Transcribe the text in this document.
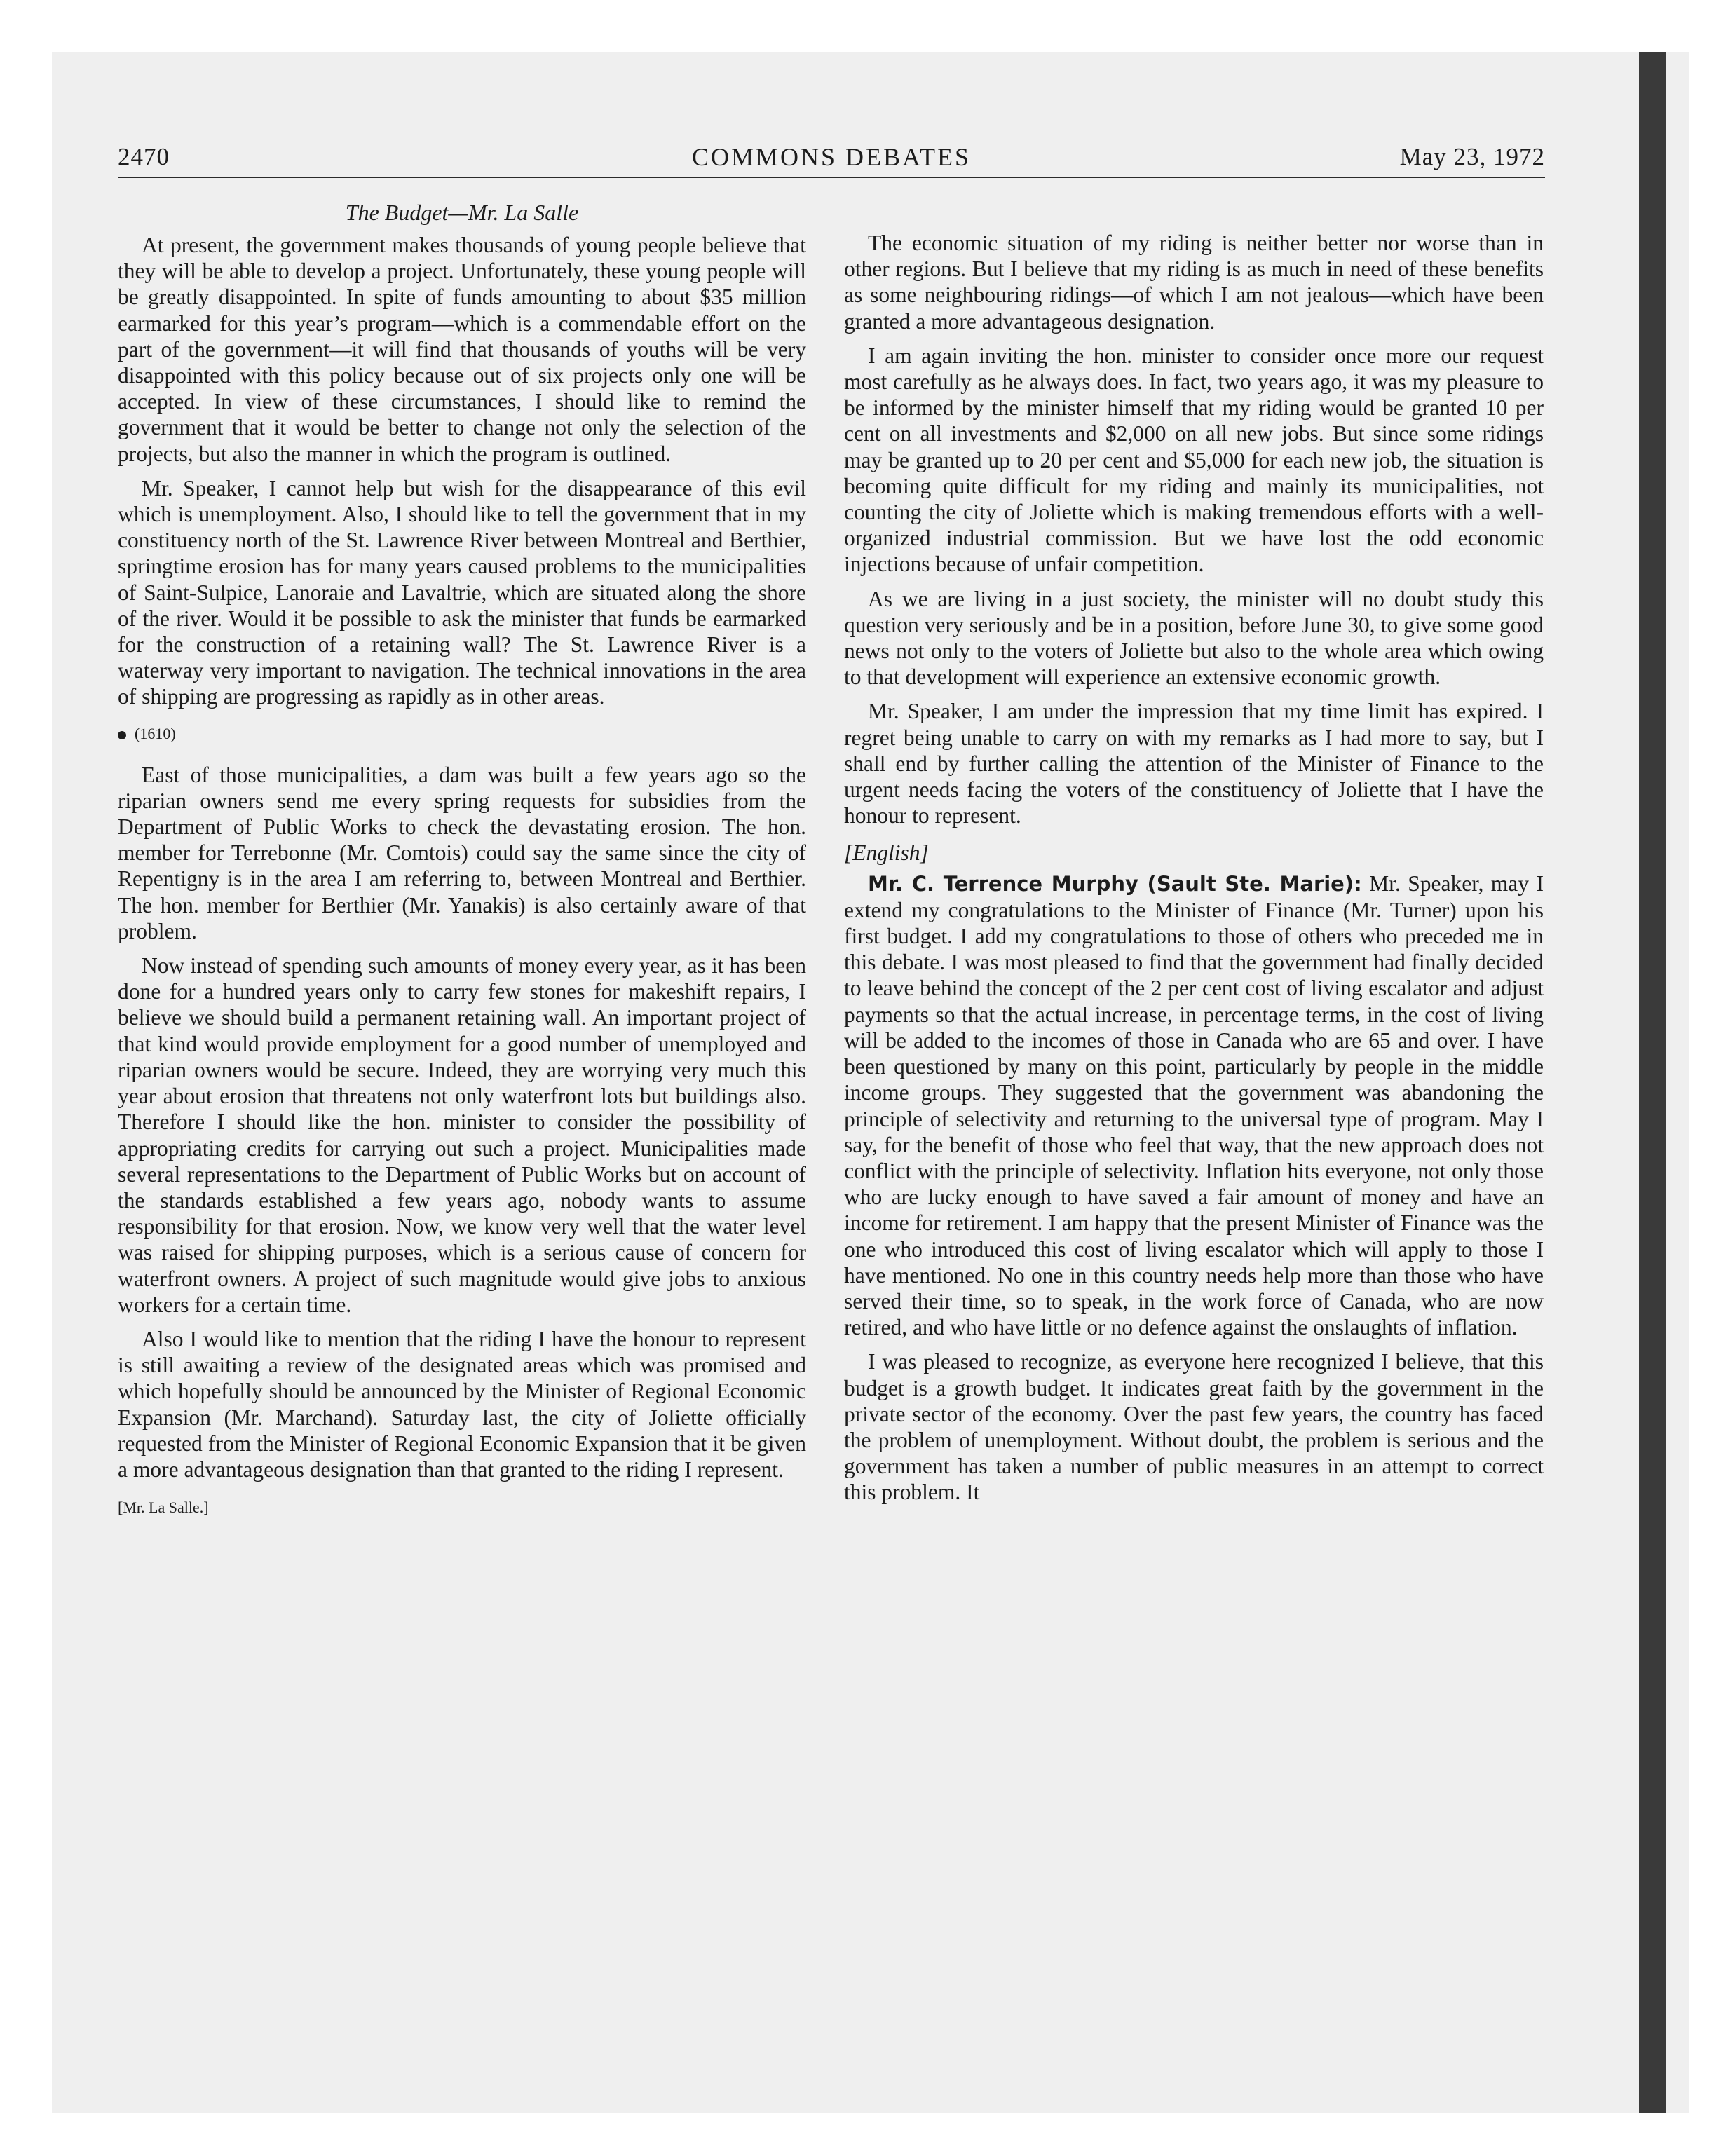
2470	COMMONS DEBATES	May 23, 1972
The Budget—Mr. La Salle

At present, the government makes thousands of young people believe that they will be able to develop a project. Unfortunately, these young people will be greatly disappointed. In spite of funds amounting to about $35 million earmarked for this year’s program—which is a commendable effort on the part of the government—it will find that thousands of youths will be very disappointed with this policy because out of six projects only one will be accepted. In view of these circumstances, I should like to remind the government that it would be better to change not only the selection of the projects, but also the manner in which the program is outlined.

Mr. Speaker, I cannot help but wish for the disappearance of this evil which is unemployment. Also, I should like to tell the government that in my constituency north of the St. Lawrence River between Montreal and Berthier, springtime erosion has for many years caused problems to the municipalities of Saint-Sulpice, Lanoraie and Lavaltrie, which are situated along the shore of the river. Would it be possible to ask the minister that funds be earmarked for the construction of a retaining wall? The St. Lawrence River is a waterway very important to navigation. The technical innovations in the area of shipping are progressing as rapidly as in other areas.

(1610)

East of those municipalities, a dam was built a few years ago so the riparian owners send me every spring requests for subsidies from the Department of Public Works to check the devastating erosion. The hon. member for Terrebonne (Mr. Comtois) could say the same since the city of Repentigny is in the area I am referring to, between Montreal and Berthier. The hon. member for Berthier (Mr. Yanakis) is also certainly aware of that problem.

Now instead of spending such amounts of money every year, as it has been done for a hundred years only to carry few stones for makeshift repairs, I believe we should build a permanent retaining wall. An important project of that kind would provide employment for a good number of unemployed and riparian owners would be secure. Indeed, they are worrying very much this year about erosion that threatens not only waterfront lots but buildings also. Therefore I should like the hon. minister to consider the possibility of appropriating credits for carrying out such a project. Municipalities made several representations to the Department of Public Works but on account of the standards established a few years ago, nobody wants to assume responsibility for that erosion. Now, we know very well that the water level was raised for shipping purposes, which is a serious cause of concern for waterfront owners. A project of such magnitude would give jobs to anxious workers for a certain time.

Also I would like to mention that the riding I have the honour to represent is still awaiting a review of the designated areas which was promised and which hopefully should be announced by the Minister of Regional Economic Expansion (Mr. Marchand). Saturday last, the city of Joliette officially requested from the Minister of Regional Economic Expansion that it be given a more advantageous designation than that granted to the riding I represent.

[Mr. La Salle.]

The economic situation of my riding is neither better nor worse than in other regions. But I believe that my riding is as much in need of these benefits as some neighbouring ridings—of which I am not jealous—which have been granted a more advantageous designation.

I am again inviting the hon. minister to consider once more our request most carefully as he always does. In fact, two years ago, it was my pleasure to be informed by the minister himself that my riding would be granted 10 per cent on all investments and $2,000 on all new jobs. But since some ridings may be granted up to 20 per cent and $5,000 for each new job, the situation is becoming quite difficult for my riding and mainly its municipalities, not counting the city of Joliette which is making tremendous efforts with a well-organized industrial commission. But we have lost the odd economic injections because of unfair competition.

As we are living in a just society, the minister will no doubt study this question very seriously and be in a position, before June 30, to give some good news not only to the voters of Joliette but also to the whole area which owing to that development will experience an extensive economic growth.

Mr. Speaker, I am under the impression that my time limit has expired. I regret being unable to carry on with my remarks as I had more to say, but I shall end by further calling the attention of the Minister of Finance to the urgent needs facing the voters of the constituency of Joliette that I have the honour to represent.

[English]

Mr. C. Terrence Murphy (Sault Ste. Marie): Mr. Speaker, may I extend my congratulations to the Minister of Finance (Mr. Turner) upon his first budget. I add my congratulations to those of others who preceded me in this debate. I was most pleased to find that the government had finally decided to leave behind the concept of the 2 per cent cost of living escalator and adjust payments so that the actual increase, in percentage terms, in the cost of living will be added to the incomes of those in Canada who are 65 and over. I have been questioned by many on this point, particularly by people in the middle income groups. They suggested that the government was abandoning the principle of selectivity and returning to the universal type of program. May I say, for the benefit of those who feel that way, that the new approach does not conflict with the principle of selectivity. Inflation hits everyone, not only those who are lucky enough to have saved a fair amount of money and have an income for retirement. I am happy that the present Minister of Finance was the one who introduced this cost of living escalator which will apply to those I have mentioned. No one in this country needs help more than those who have served their time, so to speak, in the work force of Canada, who are now retired, and who have little or no defence against the onslaughts of inflation.

I was pleased to recognize, as everyone here recognized I believe, that this budget is a growth budget. It indicates great faith by the government in the private sector of the economy. Over the past few years, the country has faced the problem of unemployment. Without doubt, the problem is serious and the government has taken a number of public measures in an attempt to correct this problem. It
